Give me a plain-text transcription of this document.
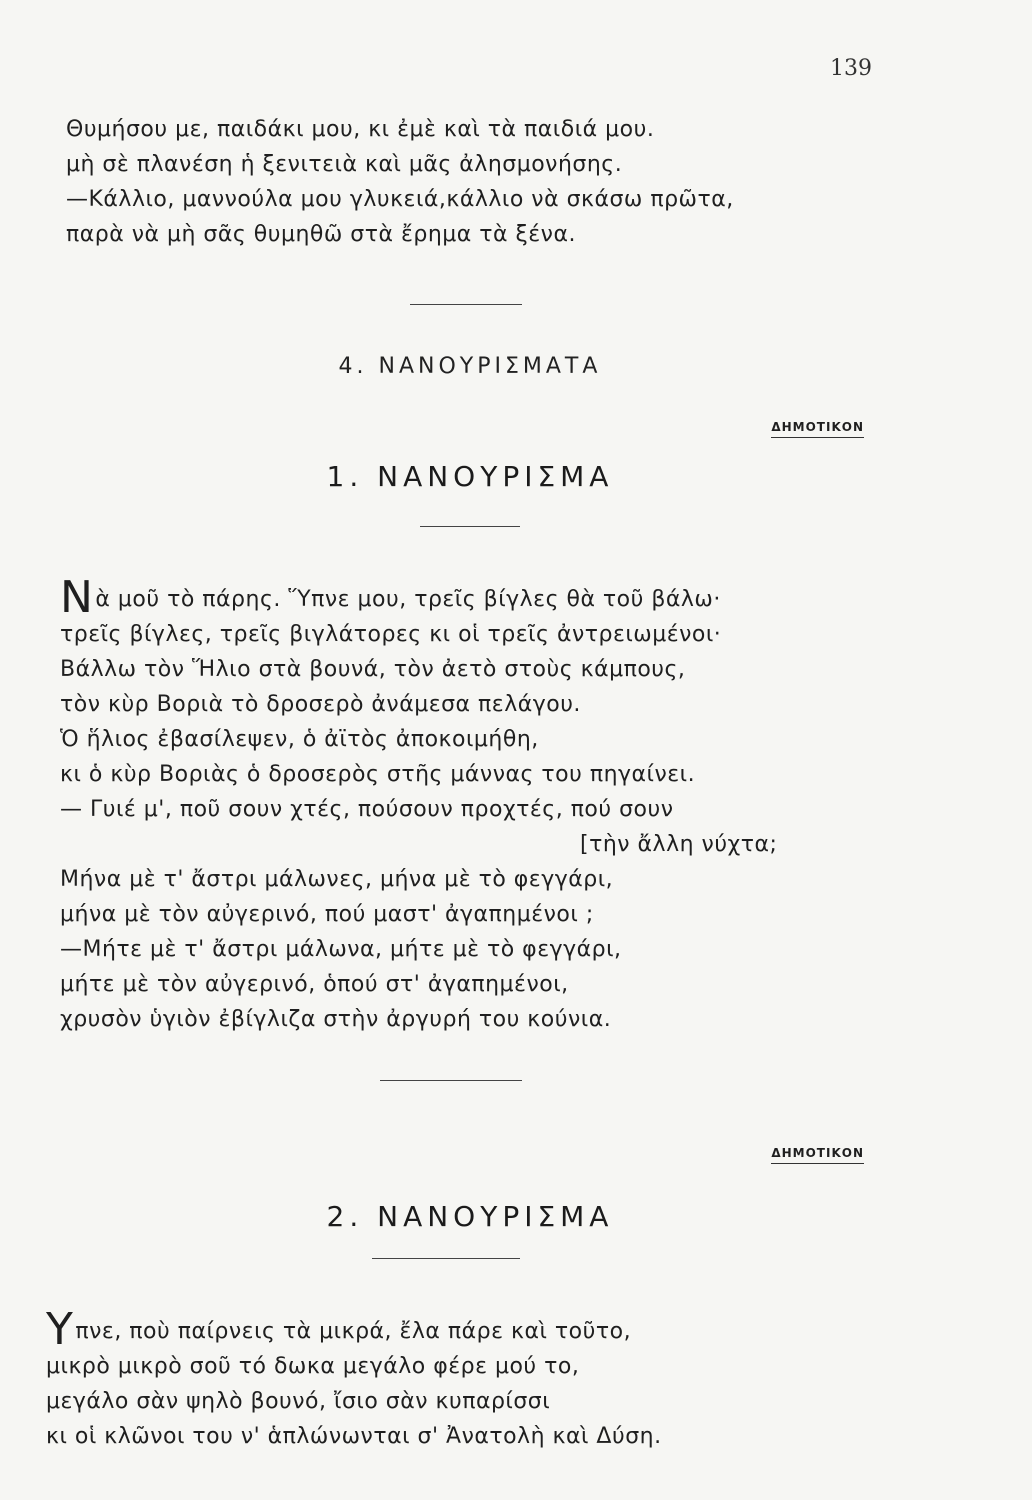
139
Θυμήσου με, παιδάκι μου, κι ἐμὲ καὶ τὰ παιδιά μου.
μὴ σὲ πλανέση ἡ ξενιτειὰ καὶ μᾶς ἀλησμονήσης.
—Κάλλιο, μαννούλα μου γλυκειά,κάλλιο νὰ σκάσω πρῶτα,
παρὰ νὰ μὴ σᾶς θυμηθῶ στὰ ἔρημα τὰ ξένα.
4. ΝΑΝΟΥΡΙΣΜΑΤΑ
ΔΗΜΟΤΙΚΟΝ
1. ΝΑΝΟΥΡΙΣΜΑ
Νὰ μοῦ τὸ πάρης. Ὕπνε μου, τρεῖς βίγλες θὰ τοῦ βάλω·
τρεῖς βίγλες, τρεῖς βιγλάτορες κι οἱ τρεῖς ἀντρειωμένοι·
Βάλλω τὸν Ἥλιο στὰ βουνά, τὸν ἀετὸ στοὺς κάμπους,
τὸν κὺρ Βοριὰ τὸ δροσερὸ ἀνάμεσα πελάγου.
Ὁ ἥλιος ἐβασίλεψεν, ὁ ἀϊτὸς ἀποκοιμήθη,
κι ὁ κὺρ Βοριὰς ὁ δροσερὸς στῆς μάννας του πηγαίνει.
— Γυιέ μ', ποῦ σουν χτές, πούσουν προχτές, πού σουν
[τὴν ἄλλη νύχτα;
Μήνα μὲ τ' ἄστρι μάλωνες, μήνα μὲ τὸ φεγγάρι,
μήνα μὲ τὸν αὐγερινό, πού μαστ' ἀγαπημένοι ;
—Μήτε μὲ τ' ἄστρι μάλωνα, μήτε μὲ τὸ φεγγάρι,
μήτε μὲ τὸν αὐγερινό, ὁπού στ' ἀγαπημένοι,
χρυσὸν ὑγιὸν ἐβίγλιζα στὴν ἀργυρή του κούνια.
ΔΗΜΟΤΙΚΟΝ
2. ΝΑΝΟΥΡΙΣΜΑ
Υπνε, ποὺ παίρνεις τὰ μικρά, ἔλα πάρε καὶ τοῦτο,
μικρὸ μικρὸ σοῦ τό δωκα μεγάλο φέρε μού το,
μεγάλο σὰν ψηλὸ βουνό, ἴσιο σὰν κυπαρίσσι
κι οἱ κλῶνοι του ν' ἁπλώνωνται σ' Ἀνατολὴ καὶ Δύση.
